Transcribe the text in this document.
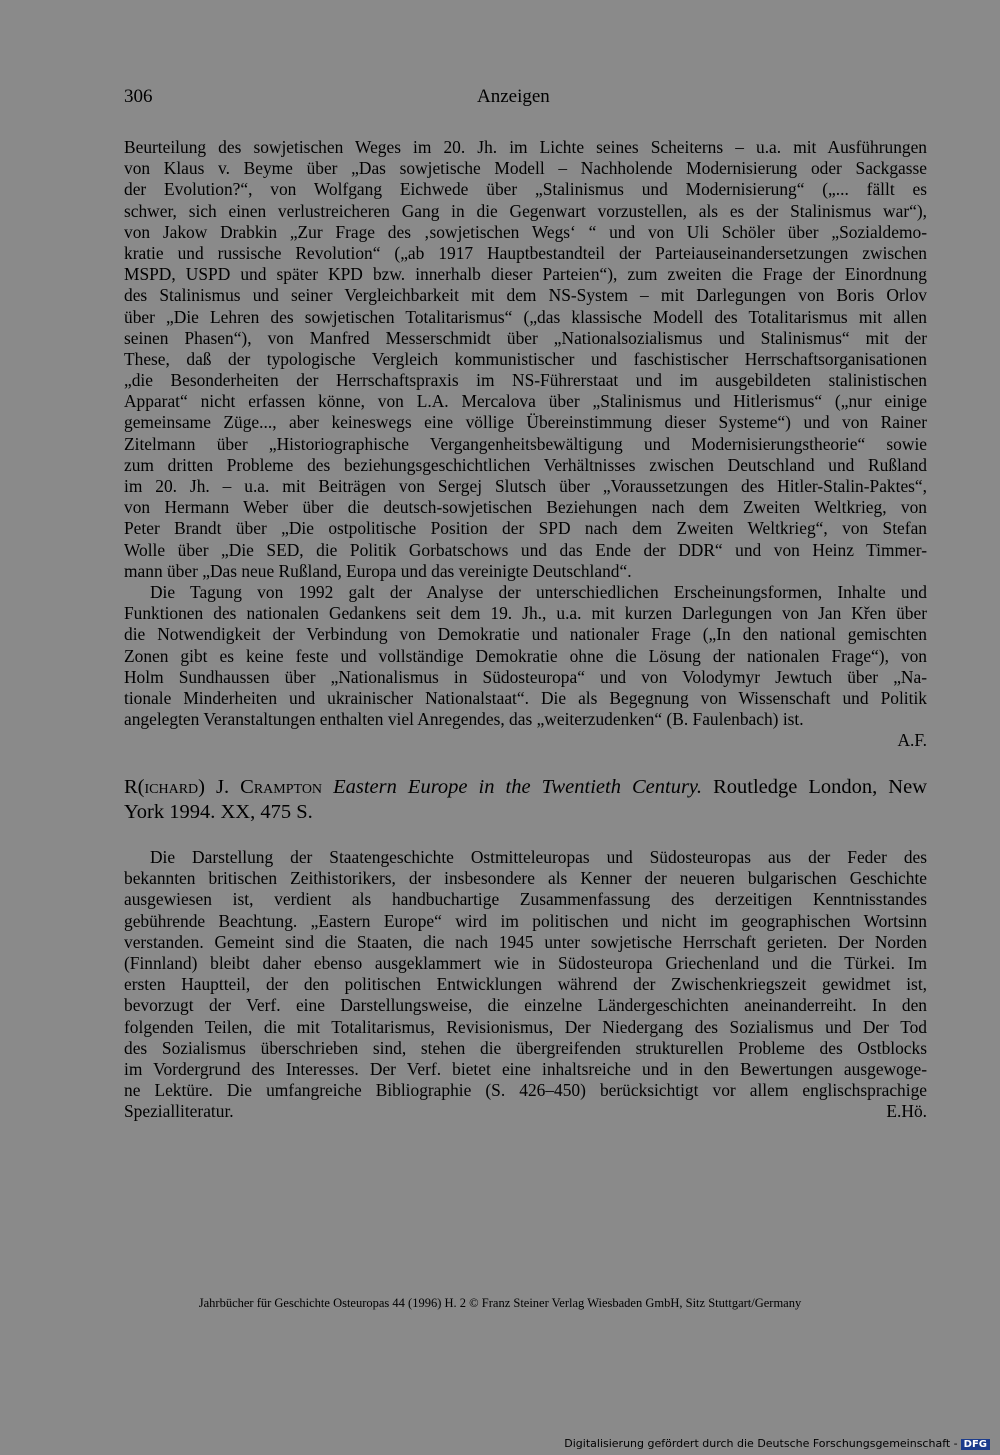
306	Anzeigen
Beurteilung des sowjetischen Weges im 20. Jh. im Lichte seines Scheiterns – u.a. mit Ausführungen
von Klaus v. Beyme über „Das sowjetische Modell – Nachholende Modernisierung oder Sackgasse
der Evolution?“, von Wolfgang Eichwede über „Stalinismus und Modernisierung“ („... fällt es
schwer, sich einen verlustreicheren Gang in die Gegenwart vorzustellen, als es der Stalinismus war“),
von Jakow Drabkin „Zur Frage des ‚sowjetischen Wegs‘ “ und von Uli Schöler über „Sozialdemo-
kratie und russische Revolution“ („ab 1917 Hauptbestandteil der Parteiauseinandersetzungen zwischen
MSPD, USPD und später KPD bzw. innerhalb dieser Parteien“), zum zweiten die Frage der Einordnung
des Stalinismus und seiner Vergleichbarkeit mit dem NS-System – mit Darlegungen von Boris Orlov
über „Die Lehren des sowjetischen Totalitarismus“ („das klassische Modell des Totalitarismus mit allen
seinen Phasen“), von Manfred Messerschmidt über „Nationalsozialismus und Stalinismus“ mit der
These, daß der typologische Vergleich kommunistischer und faschistischer Herrschaftsorganisationen
„die Besonderheiten der Herrschaftspraxis im NS-Führerstaat und im ausgebildeten stalinistischen
Apparat“ nicht erfassen könne, von L.A. Mercalova über „Stalinismus und Hitlerismus“ („nur einige
gemeinsame Züge..., aber keineswegs eine völlige Übereinstimmung dieser Systeme“) und von Rainer
Zitelmann über „Historiographische Vergangenheitsbewältigung und Modernisierungstheorie“ sowie
zum dritten Probleme des beziehungsgeschichtlichen Verhältnisses zwischen Deutschland und Rußland
im 20. Jh. – u.a. mit Beiträgen von Sergej Slutsch über „Voraussetzungen des Hitler-Stalin-Paktes“,
von Hermann Weber über die deutsch-sowjetischen Beziehungen nach dem Zweiten Weltkrieg, von
Peter Brandt über „Die ostpolitische Position der SPD nach dem Zweiten Weltkrieg“, von Stefan
Wolle über „Die SED, die Politik Gorbatschows und das Ende der DDR“ und von Heinz Timmer-
mann über „Das neue Rußland, Europa und das vereinigte Deutschland“.
Die Tagung von 1992 galt der Analyse der unterschiedlichen Erscheinungsformen, Inhalte und
Funktionen des nationalen Gedankens seit dem 19. Jh., u.a. mit kurzen Darlegungen von Jan Křen über
die Notwendigkeit der Verbindung von Demokratie und nationaler Frage („In den national gemischten
Zonen gibt es keine feste und vollständige Demokratie ohne die Lösung der nationalen Frage“), von
Holm Sundhaussen über „Nationalismus in Südosteuropa“ und von Volodymyr Jewtuch über „Na-
tionale Minderheiten und ukrainischer Nationalstaat“. Die als Begegnung von Wissenschaft und Politik
angelegten Veranstaltungen enthalten viel Anregendes, das „weiterzudenken“ (B. Faulenbach) ist.
A.F.
R(ichard) J. Crampton Eastern Europe in the Twentieth Century. Routledge London, New
York 1994. XX, 475 S.
Die Darstellung der Staatengeschichte Ostmitteleuropas und Südosteuropas aus der Feder des
bekannten britischen Zeithistorikers, der insbesondere als Kenner der neueren bulgarischen Geschichte
ausgewiesen ist, verdient als handbuchartige Zusammenfassung des derzeitigen Kenntnisstandes
gebührende Beachtung. „Eastern Europe“ wird im politischen und nicht im geographischen Wortsinn
verstanden. Gemeint sind die Staaten, die nach 1945 unter sowjetische Herrschaft gerieten. Der Norden
(Finnland) bleibt daher ebenso ausgeklammert wie in Südosteuropa Griechenland und die Türkei. Im
ersten Hauptteil, der den politischen Entwicklungen während der Zwischenkriegszeit gewidmet ist,
bevorzugt der Verf. eine Darstellungsweise, die einzelne Ländergeschichten aneinanderreiht. In den
folgenden Teilen, die mit Totalitarismus, Revisionismus, Der Niedergang des Sozialismus und Der Tod
des Sozialismus überschrieben sind, stehen die übergreifenden strukturellen Probleme des Ostblocks
im Vordergrund des Interesses. Der Verf. bietet eine inhaltsreiche und in den Bewertungen ausgewoge-
ne Lektüre. Die umfangreiche Bibliographie (S. 426–450) berücksichtigt vor allem englischsprachige
Spezialliteratur.	E.Hö.
Jahrbücher für Geschichte Osteuropas 44 (1996) H. 2 © Franz Steiner Verlag Wiesbaden GmbH, Sitz Stuttgart/Germany
Digitalisierung gefördert durch die Deutsche Forschungsgemeinschaft - DFG
